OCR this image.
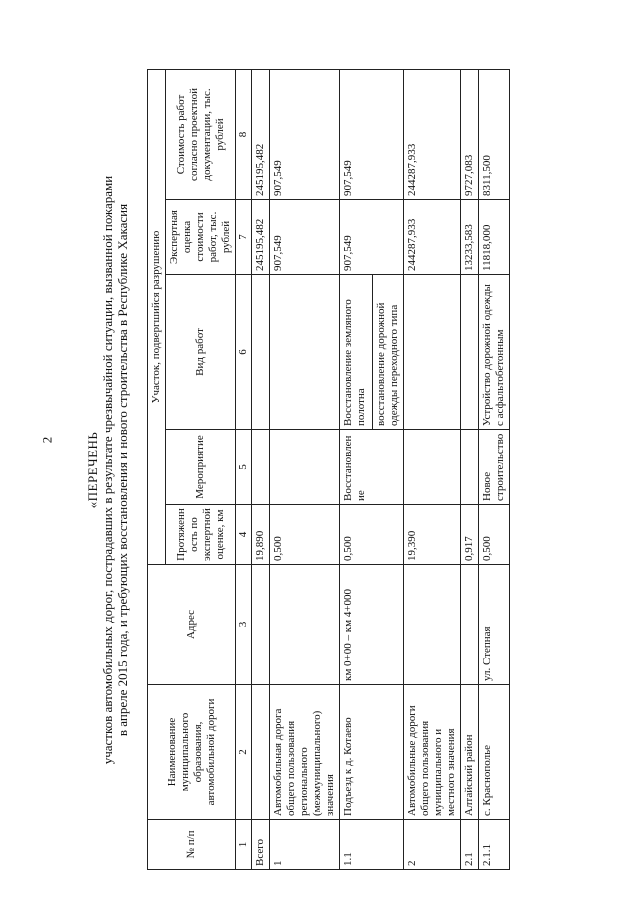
2 «ПЕРЕЧЕНЬ участков автомобильных дорог, пострадавших в результате чрезвычайной ситуации, вызванной пожарами в апреле 2015 года, и требующих восстановления и нового строительства в Республике Хакасия

№ п/п	Наименование муниципального образования, автомобильной дороги	Адрес	Участок, подвергшийся разрушению				
			Протяженность по экспертной оценке, км	Мероприятие	Вид работ	Экспертная оценка стоимости работ, тыс. рублей	Стоимость работ согласно проектной документации, тыс. рублей
1	2	3	4	5	6	7	8
Всего			19,890			245195,482	245195,482
1	Автомобильная дорога общего пользования регионального (межмуниципального) значения		0,500			907,549	907,549
1.1	Подъезд к д. Котаево	км 0+00 – км 4+000	0,500	Восстановление	Восстановление земляного полотна восстановление дорожной одежды переходного типа	907,549	907,549
2	Автомобильные дороги общего пользования муниципального и местного значения		19,390			244287,933	244287,933
2.1	Алтайский район		0,917			13233,583	9727,083
2.1.1	с. Краснополье	ул. Степная	0,500	Новое строительство	Устройство дорожной одежды с асфальтобетонным	11818,000	8311,500
